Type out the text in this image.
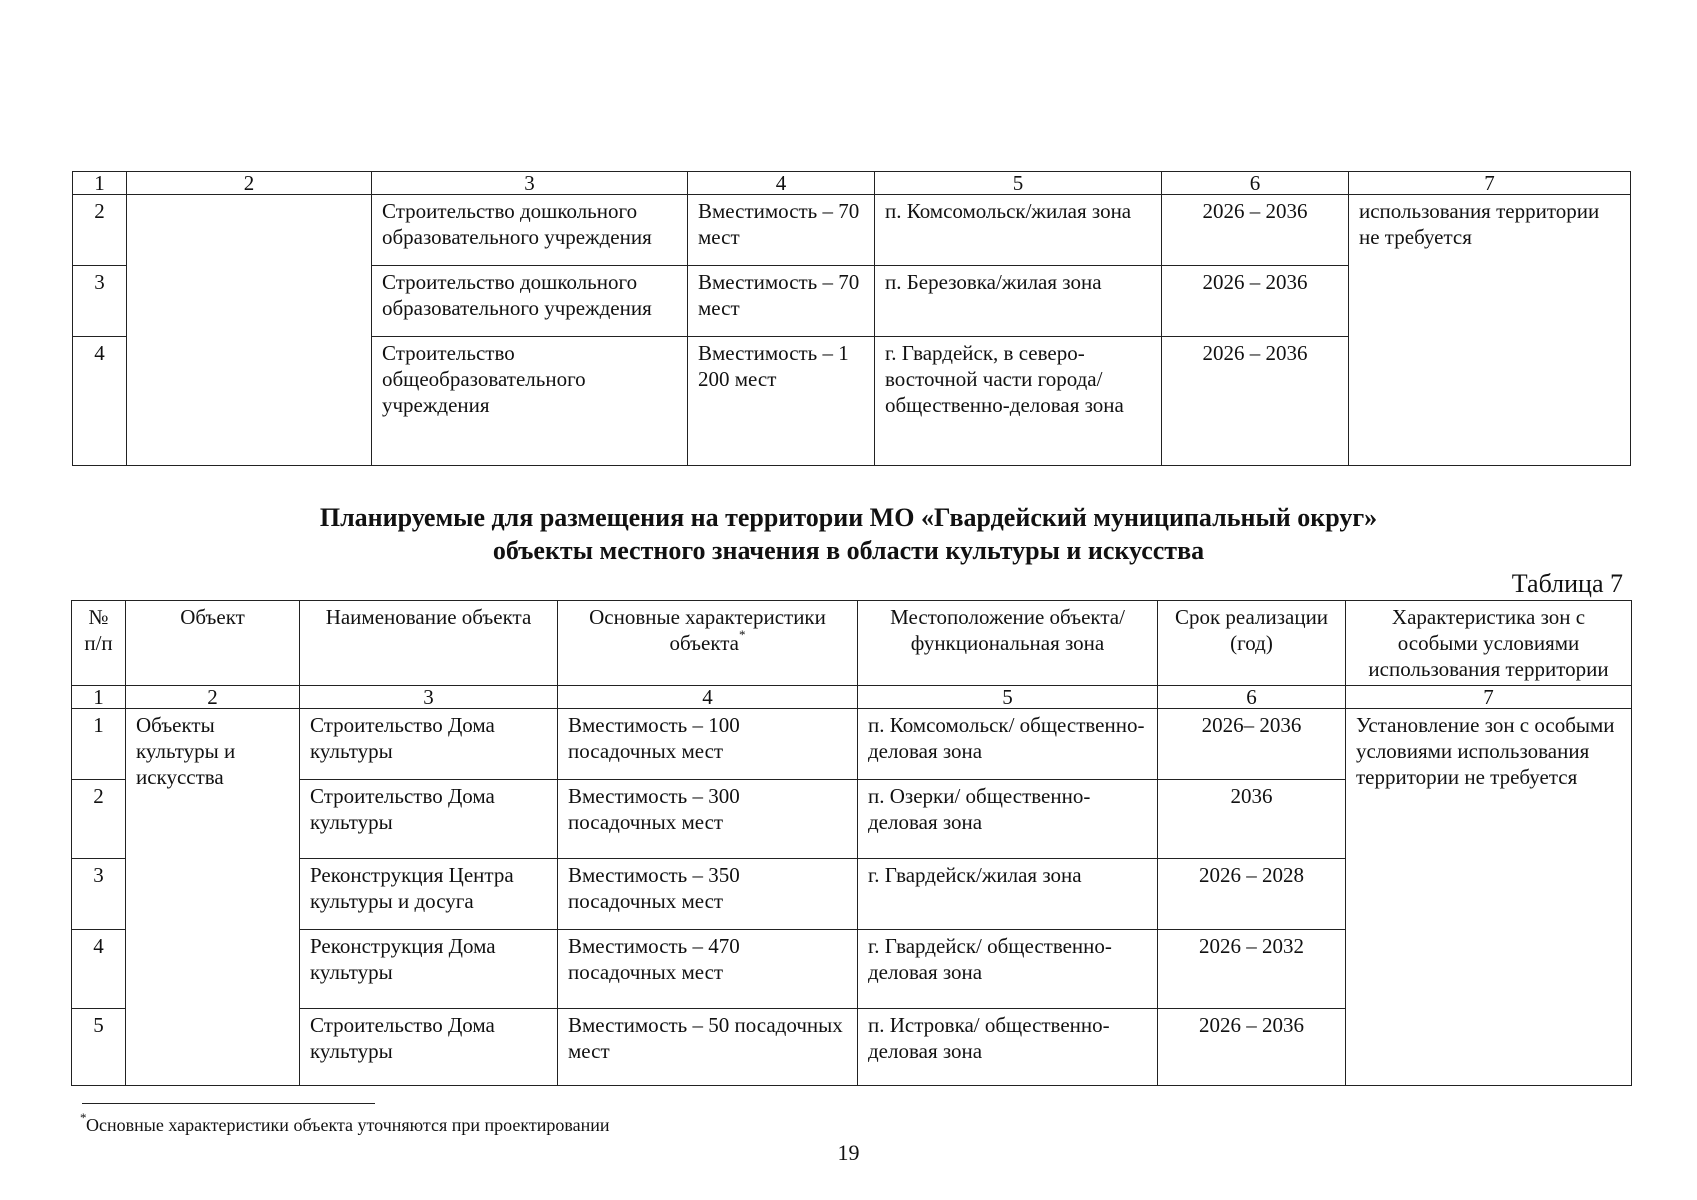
1	2	3	4	5	6	7
2		Строительство дошкольного образовательного учреждения	Вместимость – 70 мест	п. Комсомольск/жилая зона	2026 – 2036	использования территории не требуется
3		Строительство дошкольного образовательного учреждения	Вместимость – 70 мест	п. Березовка/жилая зона	2026 – 2036	
4		Строительство общеобразовательного учреждения	Вместимость – 1 200 мест	г. Гвардейск, в северо-восточной части города/ общественно-деловая зона	2026 – 2036	
Планируемые для размещения на территории МО «Гвардейский муниципальный округ»
объекты местного значения в области культуры и искусства
Таблица 7
№ п/п	Объект	Наименование объекта	Основные характеристики объекта*	Местоположение объекта/ функциональная зона	Срок реализации (год)	Характеристика зон с особыми условиями использования территории
1	2	3	4	5	6	7
1	Объекты культуры и искусства	Строительство Дома культуры	Вместимость – 100 посадочных мест	п. Комсомольск/ общественно-деловая зона	2026– 2036	Установление зон с особыми условиями использования территории не требуется
2		Строительство Дома культуры	Вместимость – 300 посадочных мест	п. Озерки/ общественно-деловая зона	2036	
3		Реконструкция Центра культуры и досуга	Вместимость – 350 посадочных мест	г. Гвардейск/жилая зона	2026 – 2028	
4		Реконструкция Дома культуры	Вместимость – 470 посадочных мест	г. Гвардейск/ общественно-деловая зона	2026 – 2032	
5		Строительство Дома культуры	Вместимость – 50 посадочных мест	п. Истровка/ общественно-деловая зона	2026 – 2036	
* Основные характеристики объекта уточняются при проектировании
19
